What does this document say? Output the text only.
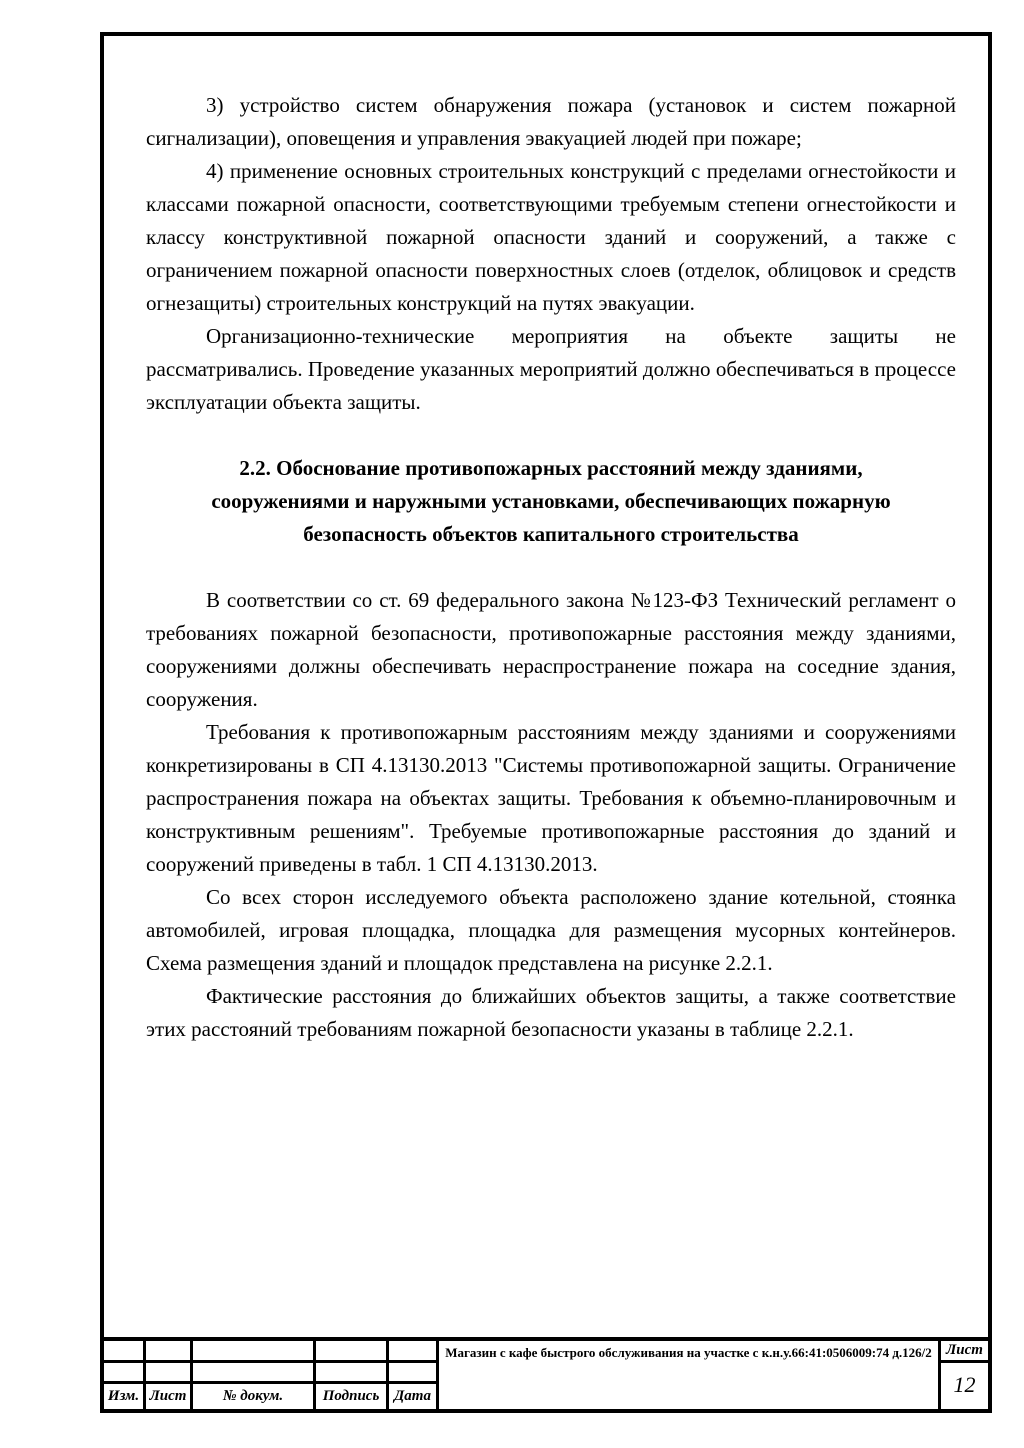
3) устройство систем обнаружения пожара (установок и систем пожарной сигнализации), оповещения и управления эвакуацией людей при пожаре;

4) применение основных строительных конструкций с пределами огнестойкости и классами пожарной опасности, соответствующими требуемым степени огнестойкости и классу конструктивной пожарной опасности зданий и сооружений, а также с ограничением пожарной опасности поверхностных слоев (отделок, облицовок и средств огнезащиты) строительных конструкций на путях эвакуации.

Организационно-технические мероприятия на объекте защиты не рассматривались. Проведение указанных мероприятий должно обеспечиваться в процессе эксплуатации объекта защиты.

2.2. Обоснование противопожарных расстояний между зданиями, сооружениями и наружными установками, обеспечивающих пожарную безопасность объектов капитального строительства

В соответствии со ст. 69 федерального закона №123-ФЗ Технический регламент о требованиях пожарной безопасности, противопожарные расстояния между зданиями, сооружениями должны обеспечивать нераспространение пожара на соседние здания, сооружения.

Требования к противопожарным расстояниям между зданиями и сооружениями конкретизированы в СП 4.13130.2013 "Системы противопожарной защиты. Ограничение распространения пожара на объектах защиты. Требования к объемно-планировочным и конструктивным решениям". Требуемые противопожарные расстояния до зданий и сооружений приведены в табл. 1 СП 4.13130.2013.

Со всех сторон исследуемого объекта расположено здание котельной, стоянка автомобилей, игровая площадка, площадка для размещения мусорных контейнеров. Схема размещения зданий и площадок представлена на рисунке 2.2.1.

Фактические расстояния до ближайших объектов защиты, а также соответствие этих расстояний требованиям пожарной безопасности указаны в таблице 2.2.1.

Изм. Лист	№ докум.	Подпись Дата
Магазин с кафе быстрого обслуживания на участке с к.н.у.66:41:0506009:74 д.126/2 Лист
12
